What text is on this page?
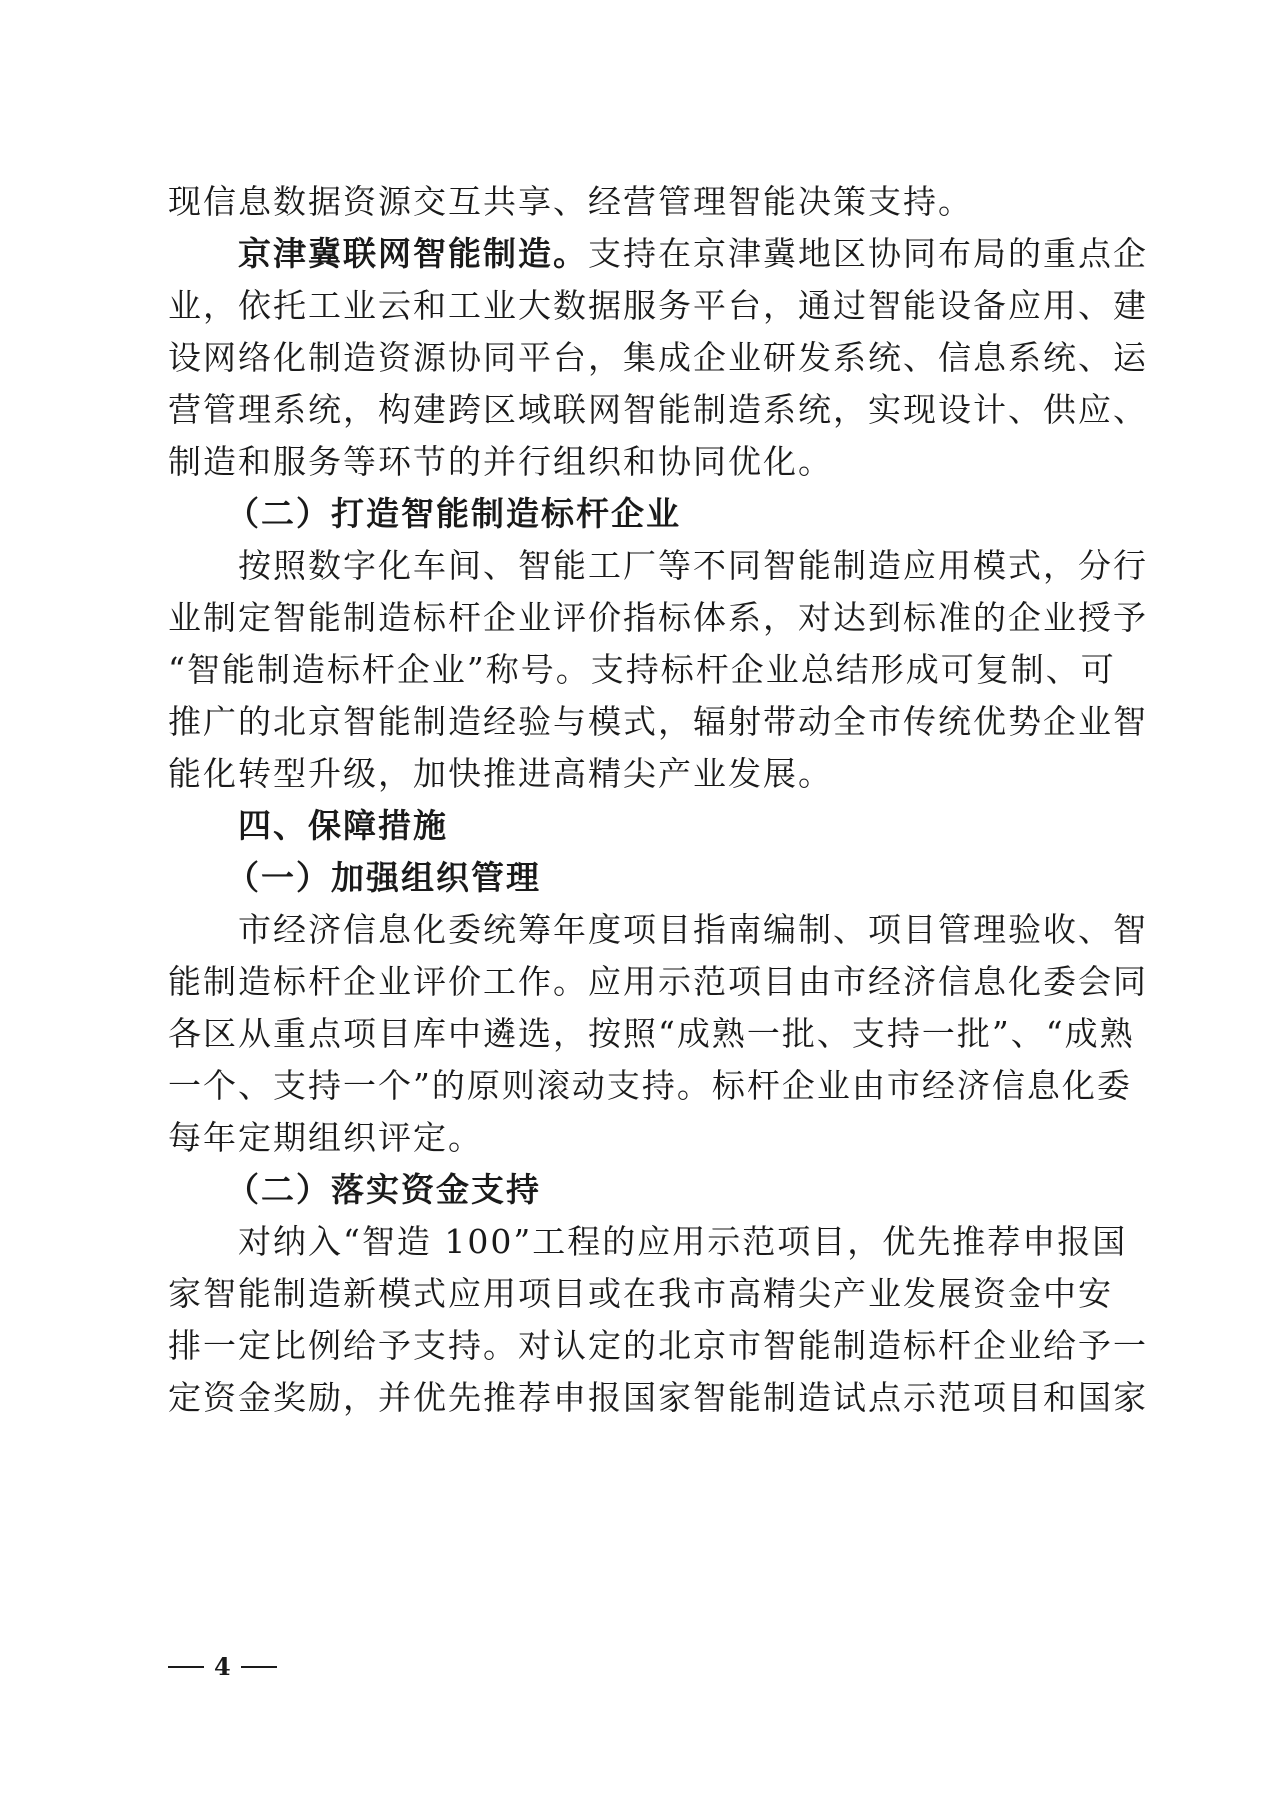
现信息数据资源交互共享、经营管理智能决策支持。
京津冀联网智能制造。支持在京津冀地区协同布局的重点企
业，依托工业云和工业大数据服务平台，通过智能设备应用、建
设网络化制造资源协同平台，集成企业研发系统、信息系统、运
营管理系统，构建跨区域联网智能制造系统，实现设计、供应、
制造和服务等环节的并行组织和协同优化。
（二）打造智能制造标杆企业
按照数字化车间、智能工厂等不同智能制造应用模式，分行
业制定智能制造标杆企业评价指标体系，对达到标准的企业授予
“智能制造标杆企业”称号。支持标杆企业总结形成可复制、可
推广的北京智能制造经验与模式，辐射带动全市传统优势企业智
能化转型升级，加快推进高精尖产业发展。
四、保障措施
（一）加强组织管理
市经济信息化委统筹年度项目指南编制、项目管理验收、智
能制造标杆企业评价工作。应用示范项目由市经济信息化委会同
各区从重点项目库中遴选，按照“成熟一批、支持一批”、“成熟
一个、支持一个”的原则滚动支持。标杆企业由市经济信息化委
每年定期组织评定。
（二）落实资金支持
对纳入“智造 100”工程的应用示范项目，优先推荐申报国
家智能制造新模式应用项目或在我市高精尖产业发展资金中安
排一定比例给予支持。对认定的北京市智能制造标杆企业给予一
定资金奖励，并优先推荐申报国家智能制造试点示范项目和国家
4
